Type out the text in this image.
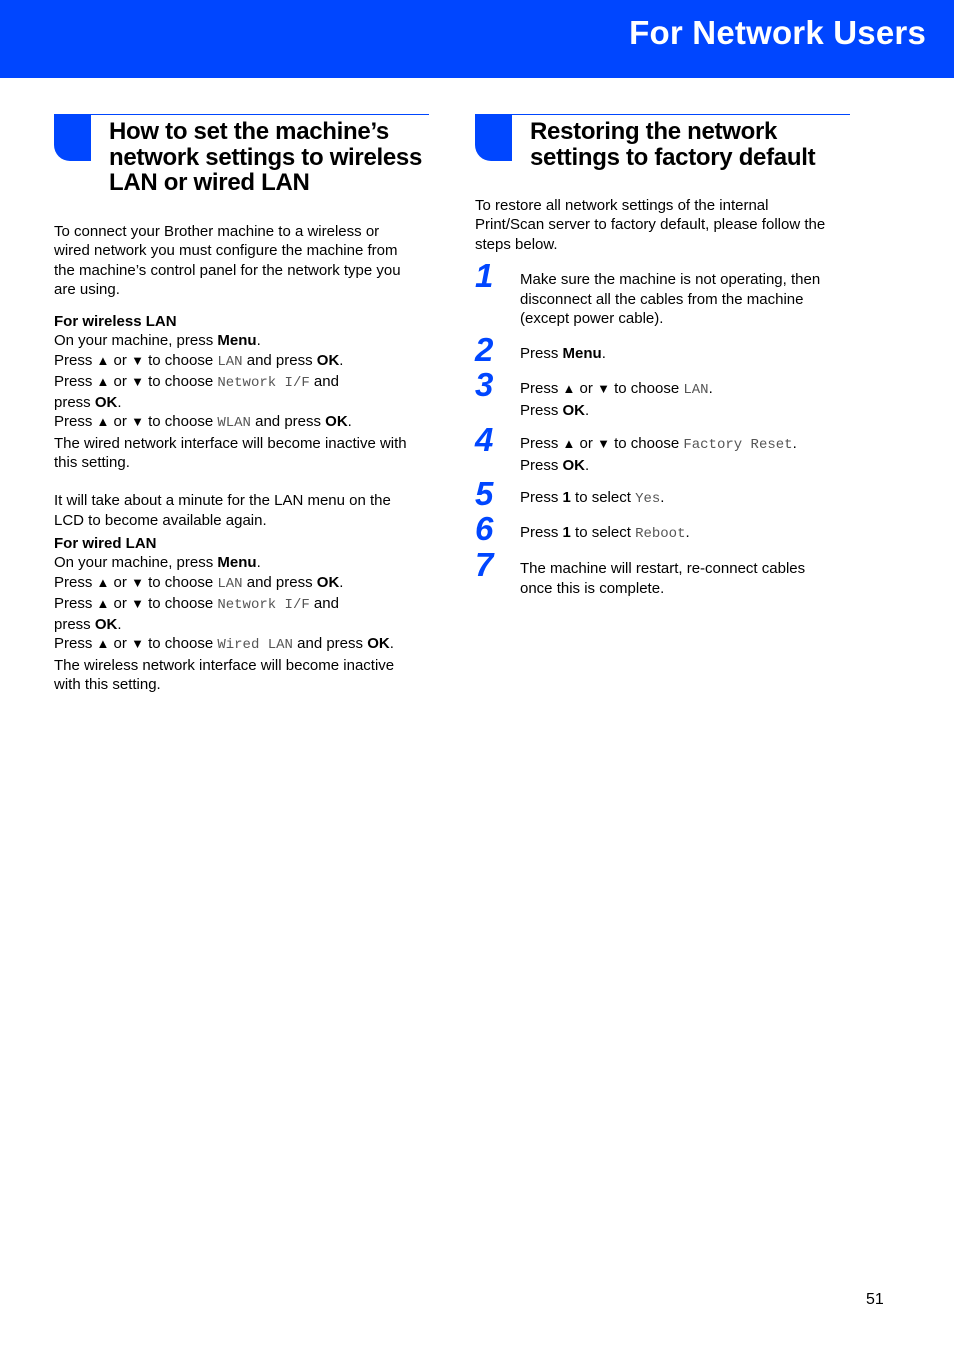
For Network Users
How to set the machine’s
network settings to wireless
LAN or wired LAN
To connect your Brother machine to a wireless or
wired network you must configure the machine from
the machine’s control panel for the network type you
are using.
For wireless LAN
On your machine, press Menu.
Press ▲ or ▼ to choose LAN and press OK.
Press ▲ or ▼ to choose Network I/F and
press OK.
Press ▲ or ▼ to choose WLAN and press OK.
The wired network interface will become inactive with
this setting.
It will take about a minute for the LAN menu on the
LCD to become available again.
For wired LAN
On your machine, press Menu.
Press ▲ or ▼ to choose LAN and press OK.
Press ▲ or ▼ to choose Network I/F and
press OK.
Press ▲ or ▼ to choose Wired LAN and press OK.
The wireless network interface will become inactive
with this setting.
Restoring the network
settings to factory default
To restore all network settings of the internal
Print/Scan server to factory default, please follow the
steps below.
1 Make sure the machine is not operating, then
disconnect all the cables from the machine
(except power cable).
2 Press Menu.
3 Press ▲ or ▼ to choose LAN.
Press OK.
4 Press ▲ or ▼ to choose Factory Reset.
Press OK.
5 Press 1 to select Yes.
6 Press 1 to select Reboot.
7 The machine will restart, re-connect cables
once this is complete.
51
